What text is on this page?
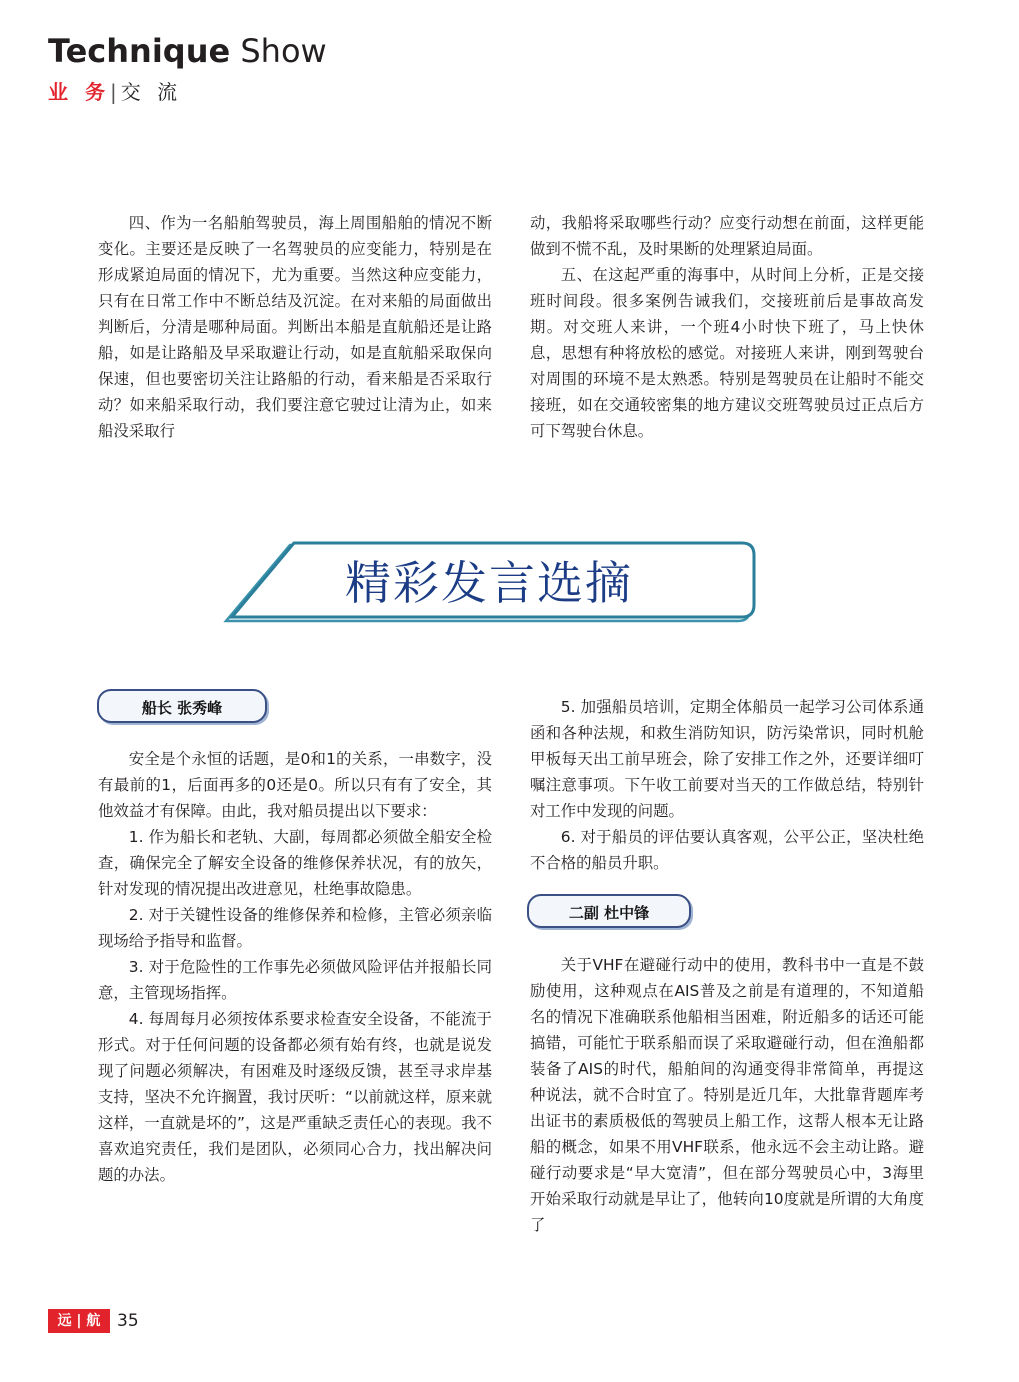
Technique Show
业 务| 交 流

四、作为一名船舶驾驶员，海上周围船舶的情况不断变化。主要还是反映了一名驾驶员的应变能力，特别是在形成紧迫局面的情况下，尤为重要。当然这种应变能力，只有在日常工作中不断总结及沉淀。在对来船的局面做出判断后，分清是哪种局面。判断出本船是直航船还是让路船，如是让路船及早采取避让行动，如是直航船采取保向保速，但也要密切关注让路船的行动，看来船是否采取行动？如来船采取行动，我们要注意它驶过让清为止，如来船没采取行

动，我船将采取哪些行动？应变行动想在前面，这样更能做到不慌不乱，及时果断的处理紧迫局面。

五、在这起严重的海事中，从时间上分析，正是交接班时间段。很多案例告诫我们，交接班前后是事故高发期。对交班人来讲，一个班4小时快下班了，马上快休息，思想有种将放松的感觉。对接班人来讲，刚到驾驶台对周围的环境不是太熟悉。特别是驾驶员在让船时不能交接班，如在交通较密集的地方建议交班驾驶员过正点后方可下驾驶台休息。

精彩发言选摘
船长 张秀峰

安全是个永恒的话题，是0和1的关系，一串数字，没有最前的1，后面再多的0还是0。所以只有有了安全，其他效益才有保障。由此，我对船员提出以下要求：

1. 作为船长和老轨、大副，每周都必须做全船安全检查，确保完全了解安全设备的维修保养状况，有的放矢，针对发现的情况提出改进意见，杜绝事故隐患。

2. 对于关键性设备的维修保养和检修，主管必须亲临现场给予指导和监督。

3. 对于危险性的工作事先必须做风险评估并报船长同意，主管现场指挥。

4. 每周每月必须按体系要求检查安全设备，不能流于形式。对于任何问题的设备都必须有始有终，也就是说发现了问题必须解决，有困难及时逐级反馈，甚至寻求岸基支持，坚决不允许搁置，我讨厌听：“以前就这样，原来就这样，一直就是坏的”，这是严重缺乏责任心的表现。我不喜欢追究责任，我们是团队，必须同心合力，找出解决问题的办法。

5. 加强船员培训，定期全体船员一起学习公司体系通函和各种法规，和救生消防知识，防污染常识，同时机舱甲板每天出工前早班会，除了安排工作之外，还要详细叮嘱注意事项。下午收工前要对当天的工作做总结，特别针对工作中发现的问题。

6. 对于船员的评估要认真客观，公平公正，坚决杜绝不合格的船员升职。

二副 杜中锋

关于VHF在避碰行动中的使用，教科书中一直是不鼓励使用，这种观点在AIS普及之前是有道理的，不知道船名的情况下准确联系他船相当困难，附近船多的话还可能搞错，可能忙于联系船而误了采取避碰行动，但在渔船都装备了AIS的时代，船舶间的沟通变得非常简单，再提这种说法，就不合时宜了。特别是近几年，大批靠背题库考出证书的素质极低的驾驶员上船工作，这帮人根本无让路船的概念，如果不用VHF联系，他永远不会主动让路。避碰行动要求是“早大宽清”，但在部分驾驶员心中，3海里开始采取行动就是早让了，他转向10度就是所谓的大角度了

远 | 航 35
